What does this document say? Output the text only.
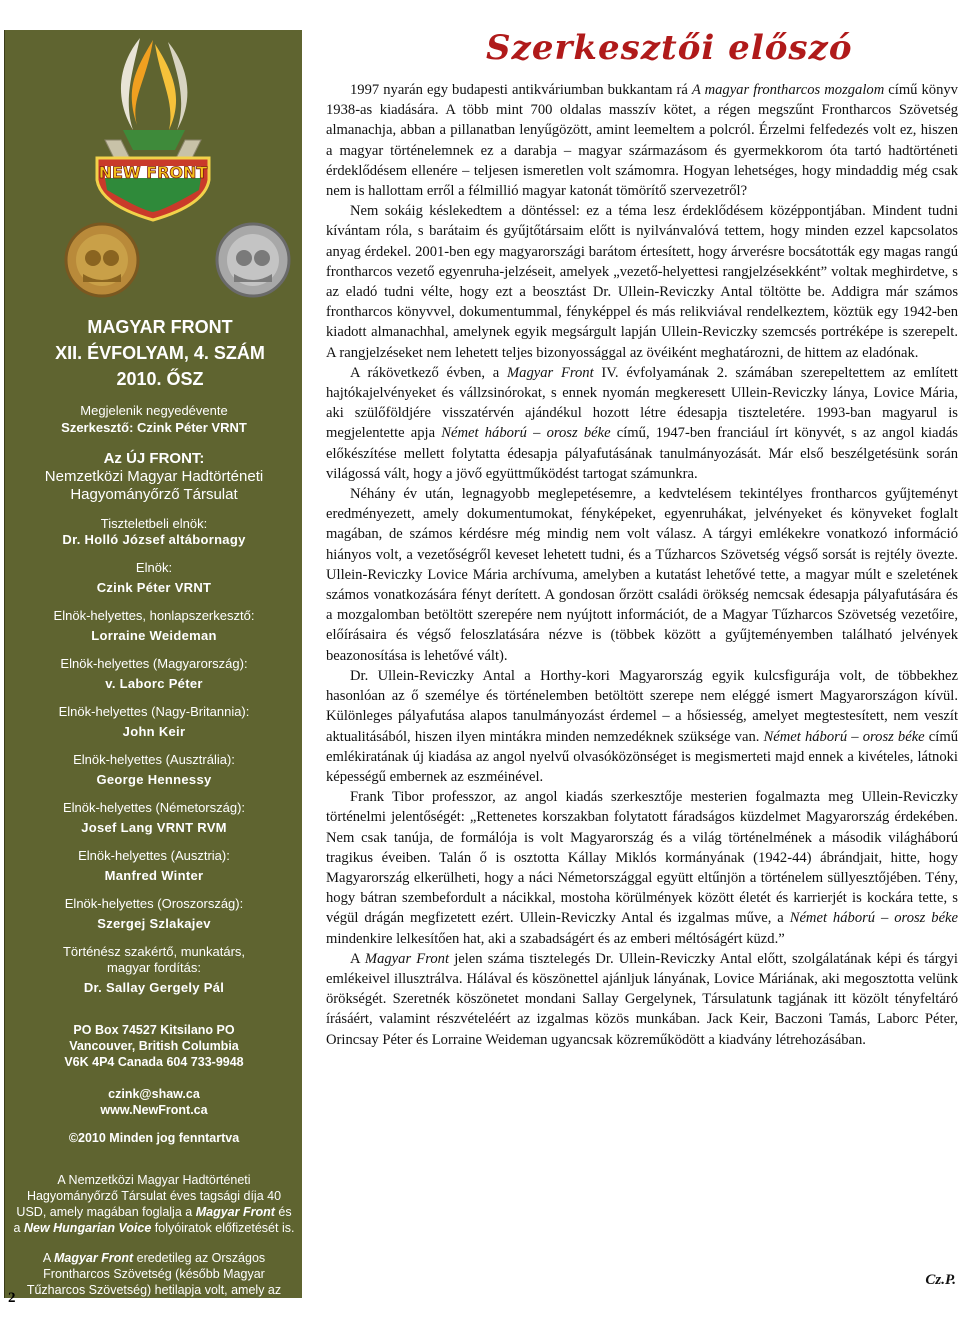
NEW FRONT
MAGYAR FRONT
XII. ÉVFOLYAM, 4. SZÁM
2010. ŐSZ
Megjelenik negyedévente
Szerkesztő: Czink Péter VRNT
Az ÚJ FRONT:
Nemzetközi Magyar Hadtörténeti
Hagyományőrző Társulat
Tiszteletbeli elnök:
Dr. Holló József altábornagy
Elnök:
Czink Péter VRNT
Elnök-helyettes, honlapszerkesztő:
Lorraine Weideman
Elnök-helyettes (Magyarország):
v. Laborc Péter
Elnök-helyettes (Nagy-Britannia):
John Keir
Elnök-helyettes (Ausztrália):
George Hennessy
Elnök-helyettes (Németország):
Josef Lang VRNT RVM
Elnök-helyettes (Ausztria):
Manfred Winter
Elnök-helyettes (Oroszország):
Szergej Szlakajev
Történész szakértő, munkatárs, magyar fordítás:
Dr. Sallay Gergely Pál
PO Box 74527 Kitsilano PO
Vancouver, British Columbia
V6K 4P4 Canada 604 733-9948
czink@shaw.ca
www.NewFront.ca
©2010 Minden jog fenntartva
A Nemzetközi Magyar Hadtörténeti Hagyományőrző Társulat éves tagsági díja 40 USD, amely magában foglalja a Magyar Front és a New Hungarian Voice folyóiratok előfizetését is.
A Magyar Front eredetileg az Országos Frontharcos Szövetség (később Magyar Tűzharcos Szövetség) hetilapja volt, amely az 1930-as évektől a második világháború végéig jelent meg.
2
Szerkesztői előszó

1997 nyarán egy budapesti antikváriumban bukkantam rá A magyar frontharcos mozgalom című könyv 1938-as kiadására. A több mint 700 oldalas masszív kötet, a régen megszűnt Frontharcos Szövetség almanachja, abban a pillanatban lenyűgözött, amint leemeltem a polcról. Érzelmi felfedezés volt ez, hiszen a magyar történelemnek ez a darabja – magyar származásom és gyermekkorom óta tartó hadtörténeti érdeklődésem ellenére – teljesen ismeretlen volt számomra. Hogyan lehetséges, hogy mindaddig még csak nem is hallottam erről a félmillió magyar katonát tömörítő szervezetről?

Nem sokáig késlekedtem a döntéssel: ez a téma lesz érdeklődésem középpontjában. Mindent tudni kívántam róla, s barátaim és gyűjtőtársaim előtt is nyilvánvalóvá tettem, hogy minden ezzel kapcsolatos anyag érdekel. 2001-ben egy magyarországi barátom értesített, hogy árverésre bocsátották egy magas rangú frontharcos vezető egyenruha-jelzéseit, amelyek „vezető-helyettesi rangjelzésekként” voltak meghirdetve, s az eladó tudni vélte, hogy ezt a beosztást Dr. Ullein-Reviczky Antal töltötte be. Addigra már számos frontharcos könyvvel, dokumentummal, fényképpel és más relikviával rendelkeztem, köztük egy 1942-ben kiadott almanachhal, amelynek egyik megsárgult lapján Ullein-Reviczky szemcsés portréképe is szerepelt. A rangjelzéseket nem lehetett teljes bizonyossággal az övéiként meghatározni, de hittem az eladónak.

A rákövetkező évben, a Magyar Front IV. évfolyamának 2. számában szerepeltettem az említett hajtókajelvényeket és vállzsinórokat, s ennek nyomán megkeresett Ullein-Reviczky lánya, Lovice Mária, aki szülőföldjére visszatérvén ajándékul hozott létre édesapja tiszteletére. 1993-ban magyarul is megjelentette apja Német háború – orosz béke című, 1947-ben franciául írt könyvét, s az angol kiadás előkészítése mellett folytatta édesapja pályafutásának tanulmányozását. Már első beszélgetésünk során világossá vált, hogy a jövő együttműködést tartogat számunkra.

Néhány év után, legnagyobb meglepetésemre, a kedvtelésem tekintélyes frontharcos gyűjteményt eredményezett, amely dokumentumokat, fényképeket, egyenruhákat, jelvényeket és könyveket foglalt magában, de számos kérdésre még mindig nem volt válasz. A tárgyi emlékekre vonatkozó információ hiányos volt, a vezetőségről keveset lehetett tudni, és a Tűzharcos Szövetség végső sorsát is rejtély övezte. Ullein-Reviczky Lovice Mária archívuma, amelyben a kutatást lehetővé tette, a magyar múlt e szeletének számos vonatkozására fényt derített. A gondosan őrzött családi örökség nemcsak édesapja pályafutására és a mozgalomban betöltött szerepére nem nyújtott információt, de a Magyar Tűzharcos Szövetség vezetőire, előírásaira és végső feloszlatására nézve is (többek között a gyűjteményemben található jelvények beazonosítása is lehetővé vált).

Dr. Ullein-Reviczky Antal a Horthy-kori Magyarország egyik kulcsfigurája volt, de többekhez hasonlóan az ő személye és történelemben betöltött szerepe nem eléggé ismert Magyarországon kívül. Különleges pályafutása alapos tanulmányozást érdemel – a hősiesség, amelyet megtestesített, nem veszít aktualitásából, hiszen ilyen mintákra minden nemzedéknek szüksége van. Német háború – orosz béke című emlékiratának új kiadása az angol nyelvű olvasóközönséget is megismerteti majd ennek a kivételes, látnoki képességű embernek az eszméinével.

Frank Tibor professzor, az angol kiadás szerkesztője mesterien fogalmazta meg Ullein-Reviczky történelmi jelentőségét: „Rettenetes korszakban folytatott fáradságos küzdelmet Magyarország érdekében. Nem csak tanúja, de formálója is volt Magyarország és a világ történelmének a második világháború tragikus éveiben. Talán ő is osztotta Kállay Miklós kormányának (1942-44) ábrándjait, hitte, hogy Magyarország elkerülheti, hogy a náci Németországgal együtt eltűnjön a történelem süllyesztőjében. Tény, hogy bátran szembefordult a nácikkal, mostoha körülmények között életét és karrierjét is kockára tette, s végül drágán megfizetett ezért. Ullein-Reviczky Antal és izgalmas műve, a Német háború – orosz béke mindenkire lelkesítően hat, aki a szabadságért és az emberi méltóságért küzd.”

A Magyar Front jelen száma tisztelegés Dr. Ullein-Reviczky Antal előtt, szolgálatának képi és tárgyi emlékeivel illusztrálva. Hálával és köszönettel ajánljuk lányának, Lovice Máriának, aki megosztotta velünk örökségét. Szeretnék köszönetet mondani Sallay Gergelynek, Társulatunk tagjának itt közölt tényfeltáró írásáért, valamint részvételéért az izgalmas közös munkában. Jack Keir, Baczoni Tamás, Laborc Péter, Orincsay Péter és Lorraine Weideman ugyancsak közreműködött a kiadvány létrehozásában.

Cz.P.
